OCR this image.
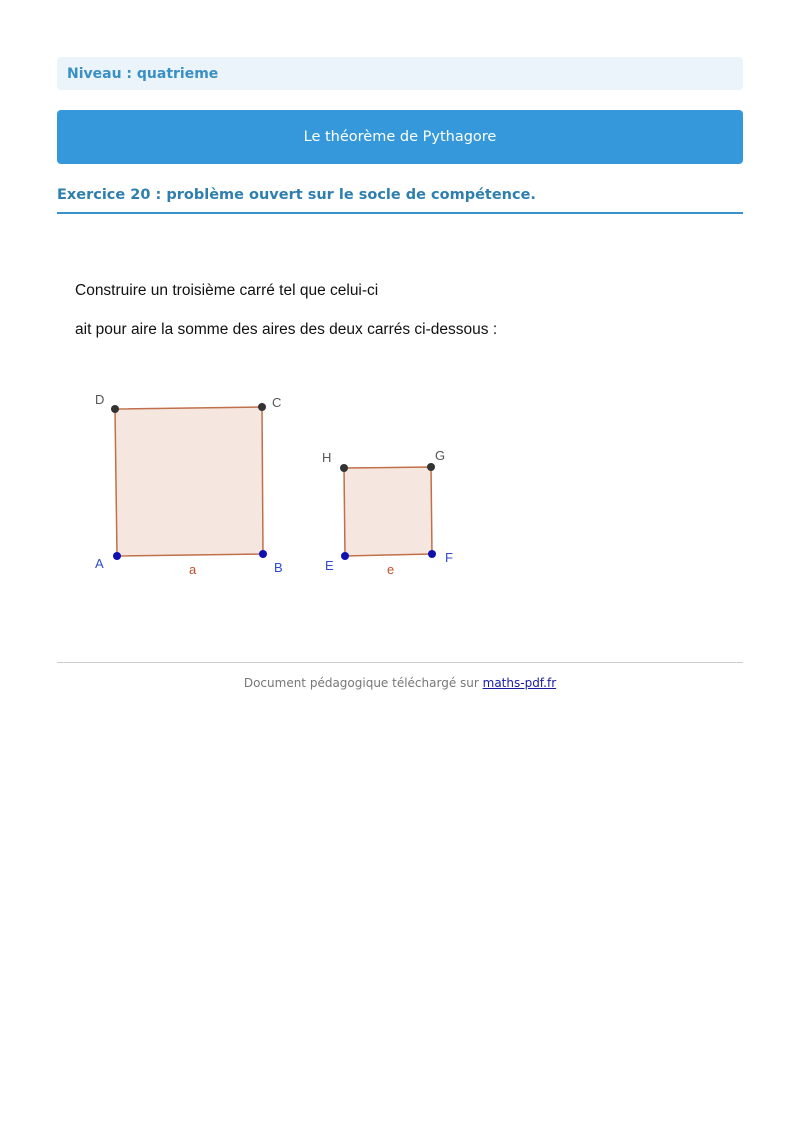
Niveau : quatrieme
Le théorème de Pythagore
Exercice 20 : problème ouvert sur le socle de compétence.

Construire un troisième carré tel que celui-ci

ait pour aire la somme des aires des deux carrés ci-dessous :

D	C
A	B
a
H	G
E
F
e
Document pédagogique téléchargé sur maths-pdf.fr
